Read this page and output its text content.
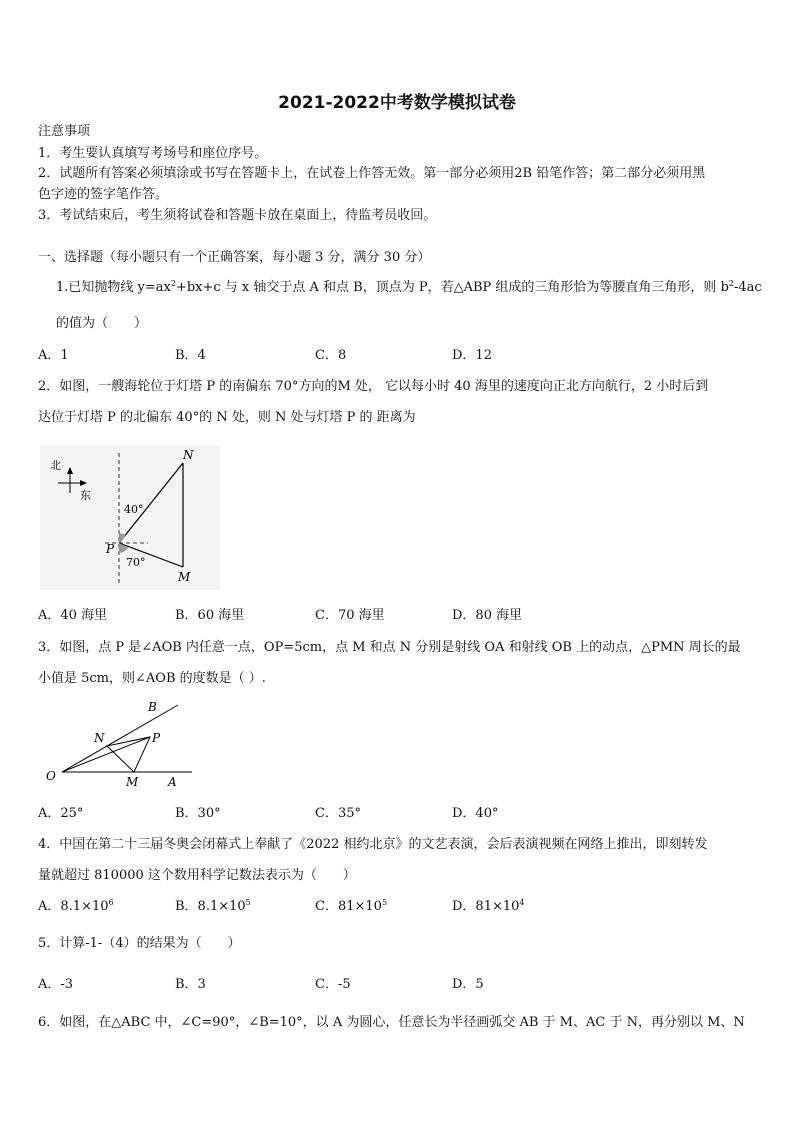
2021-2022中考数学模拟试卷
注意事项
1．考生要认真填写考场号和座位序号。
2．试题所有答案必须填涂或书写在答题卡上，在试卷上作答无效。第一部分必须用2B 铅笔作答；第二部分必须用黑
色字迹的签字笔作答。
3．考试结束后，考生须将试卷和答题卡放在桌面上，待监考员收回。
一、选择题（每小题只有一个正确答案，每小题 3 分，满分 30 分）
1.已知抛物线 $y=ax^2+bx+c$ 与 x 轴交于点 A 和点 B，顶点为 P，若△ABP 组成的三角形恰为等腰直角三角形，则 $b^2-4ac$
的值为（　　）
A．1	B．4	C．8	D．12
2．如图，一艘海轮位于灯塔 P 的南偏东 70°方向的M 处， 它以每小时 40 海里的速度向正北方向航行，2 小时后到
达位于灯塔 P 的北偏东 40°的 N 处，则 N 处与灯塔 P 的 距离为
北
东
40°
70°
N
P
M
A．40 海里	B．60 海里	C．70 海里	D．80 海里
3．如图，点 P 是∠AOB 内任意一点，OP=5cm，点 M 和点 N 分别是射线 OA 和射线 OB 上的动点，△PMN 周长的最
小值是 5cm，则∠AOB 的度数是（ ）.
O	A
B
N	P
M
A．25°	B．30°	C．35°	D．40°
4．中国在第二十三届冬奥会闭幕式上奉献了《2022 相约北京》的文艺表演，会后表演视频在网络上推出，即刻转发
量就超过 810000 这个数用科学记数法表示为（　　）
A．$8.1\times 10^6$	B．$8.1\times 10^5$	C．$81\times 10^5$	D．$81\times 10^4$
5．计算-1-（4）的结果为（　　）
A．-3	B．3	C．-5	D．5
6．如图，在△ABC 中，∠C=90°，∠B=10°，以 A 为圆心，任意长为半径画弧交 AB 于 M、AC 于 N，再分别以 M、N
